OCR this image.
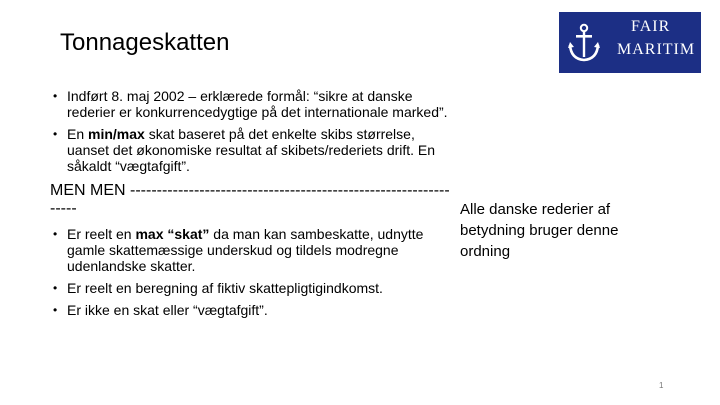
Tonnageskatten
FAIR
MARITIM
• Indført 8. maj 2002 – erklærede formål: “sikre at danske rederier er konkurrencedygtige på det internationale marked”.
• En min/max skat baseret på det enkelte skibs størrelse, uanset det økonomiske resultat af skibets/rederiets drift. En såkaldt “vægtafgift”.
MEN MEN -----------------------------------------------------------------
• Er reelt en max “skat” da man kan sambeskatte, udnytte gamle skattemæssige underskud og tildels modregne udenlandske skatter.
• Er reelt en beregning af fiktiv skattepligtigindkomst.
• Er ikke en skat eller “vægtafgift”.
Alle danske rederier af betydning bruger denne ordning
1
